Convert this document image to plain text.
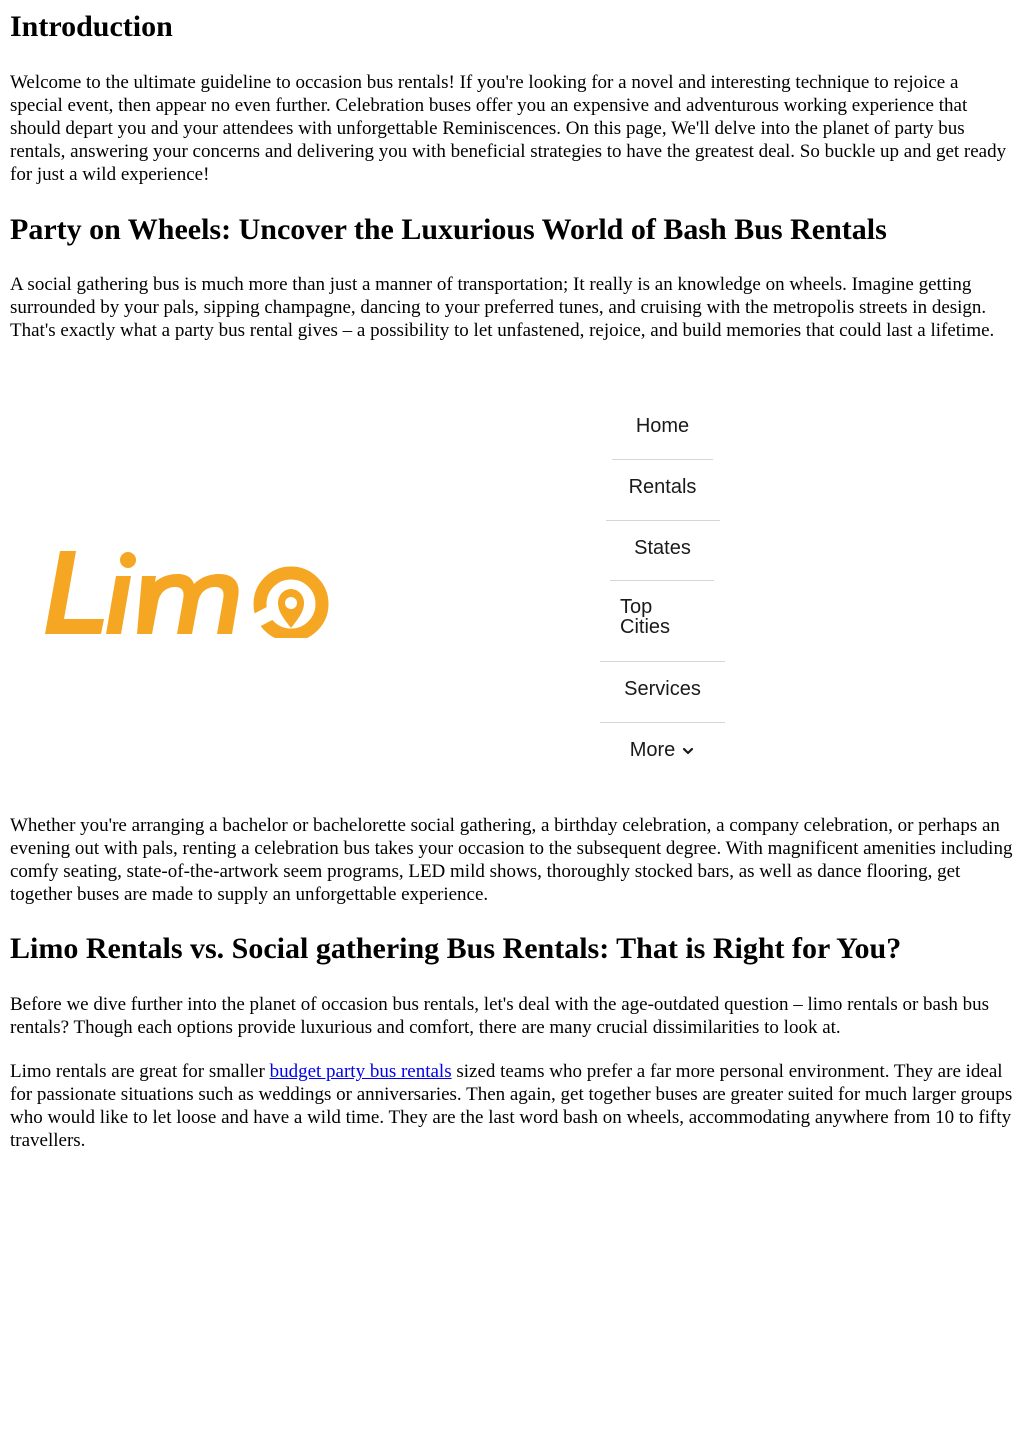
Introduction

Welcome to the ultimate guideline to occasion bus rentals! If you're looking for a novel and interesting technique to rejoice a special event, then appear no even further. Celebration buses offer you an expensive and adventurous working experience that should depart you and your attendees with unforgettable Reminiscences. On this page, We'll delve into the planet of party bus rentals, answering your concerns and delivering you with beneficial strategies to have the greatest deal. So buckle up and get ready for just a wild experience!

Party on Wheels: Uncover the Luxurious World of Bash Bus Rentals

A social gathering bus is much more than just a manner of transportation; It really is an knowledge on wheels. Imagine getting surrounded by your pals, sipping champagne, dancing to your preferred tunes, and cruising with the metropolis streets in design. That's exactly what a party bus rental gives – a possibility to let unfastened, rejoice, and build memories that could last a lifetime.

Home
Rentals
States
Top
Cities
Services
More

Whether you're arranging a bachelor or bachelorette social gathering, a birthday celebration, a company celebration, or perhaps an evening out with pals, renting a celebration bus takes your occasion to the subsequent degree. With magnificent amenities including comfy seating, state-of-the-artwork seem programs, LED mild shows, thoroughly stocked bars, as well as dance flooring, get together buses are made to supply an unforgettable experience.

Limo Rentals vs. Social gathering Bus Rentals: That is Right for You?

Before we dive further into the planet of occasion bus rentals, let's deal with the age-outdated question – limo rentals or bash bus rentals? Though each options provide luxurious and comfort, there are many crucial dissimilarities to look at.

Limo rentals are great for smaller budget party bus rentals sized teams who prefer a far more personal environment. They are ideal for passionate situations such as weddings or anniversaries. Then again, get together buses are greater suited for much larger groups who would like to let loose and have a wild time. They are the last word bash on wheels, accommodating anywhere from 10 to fifty travellers.
